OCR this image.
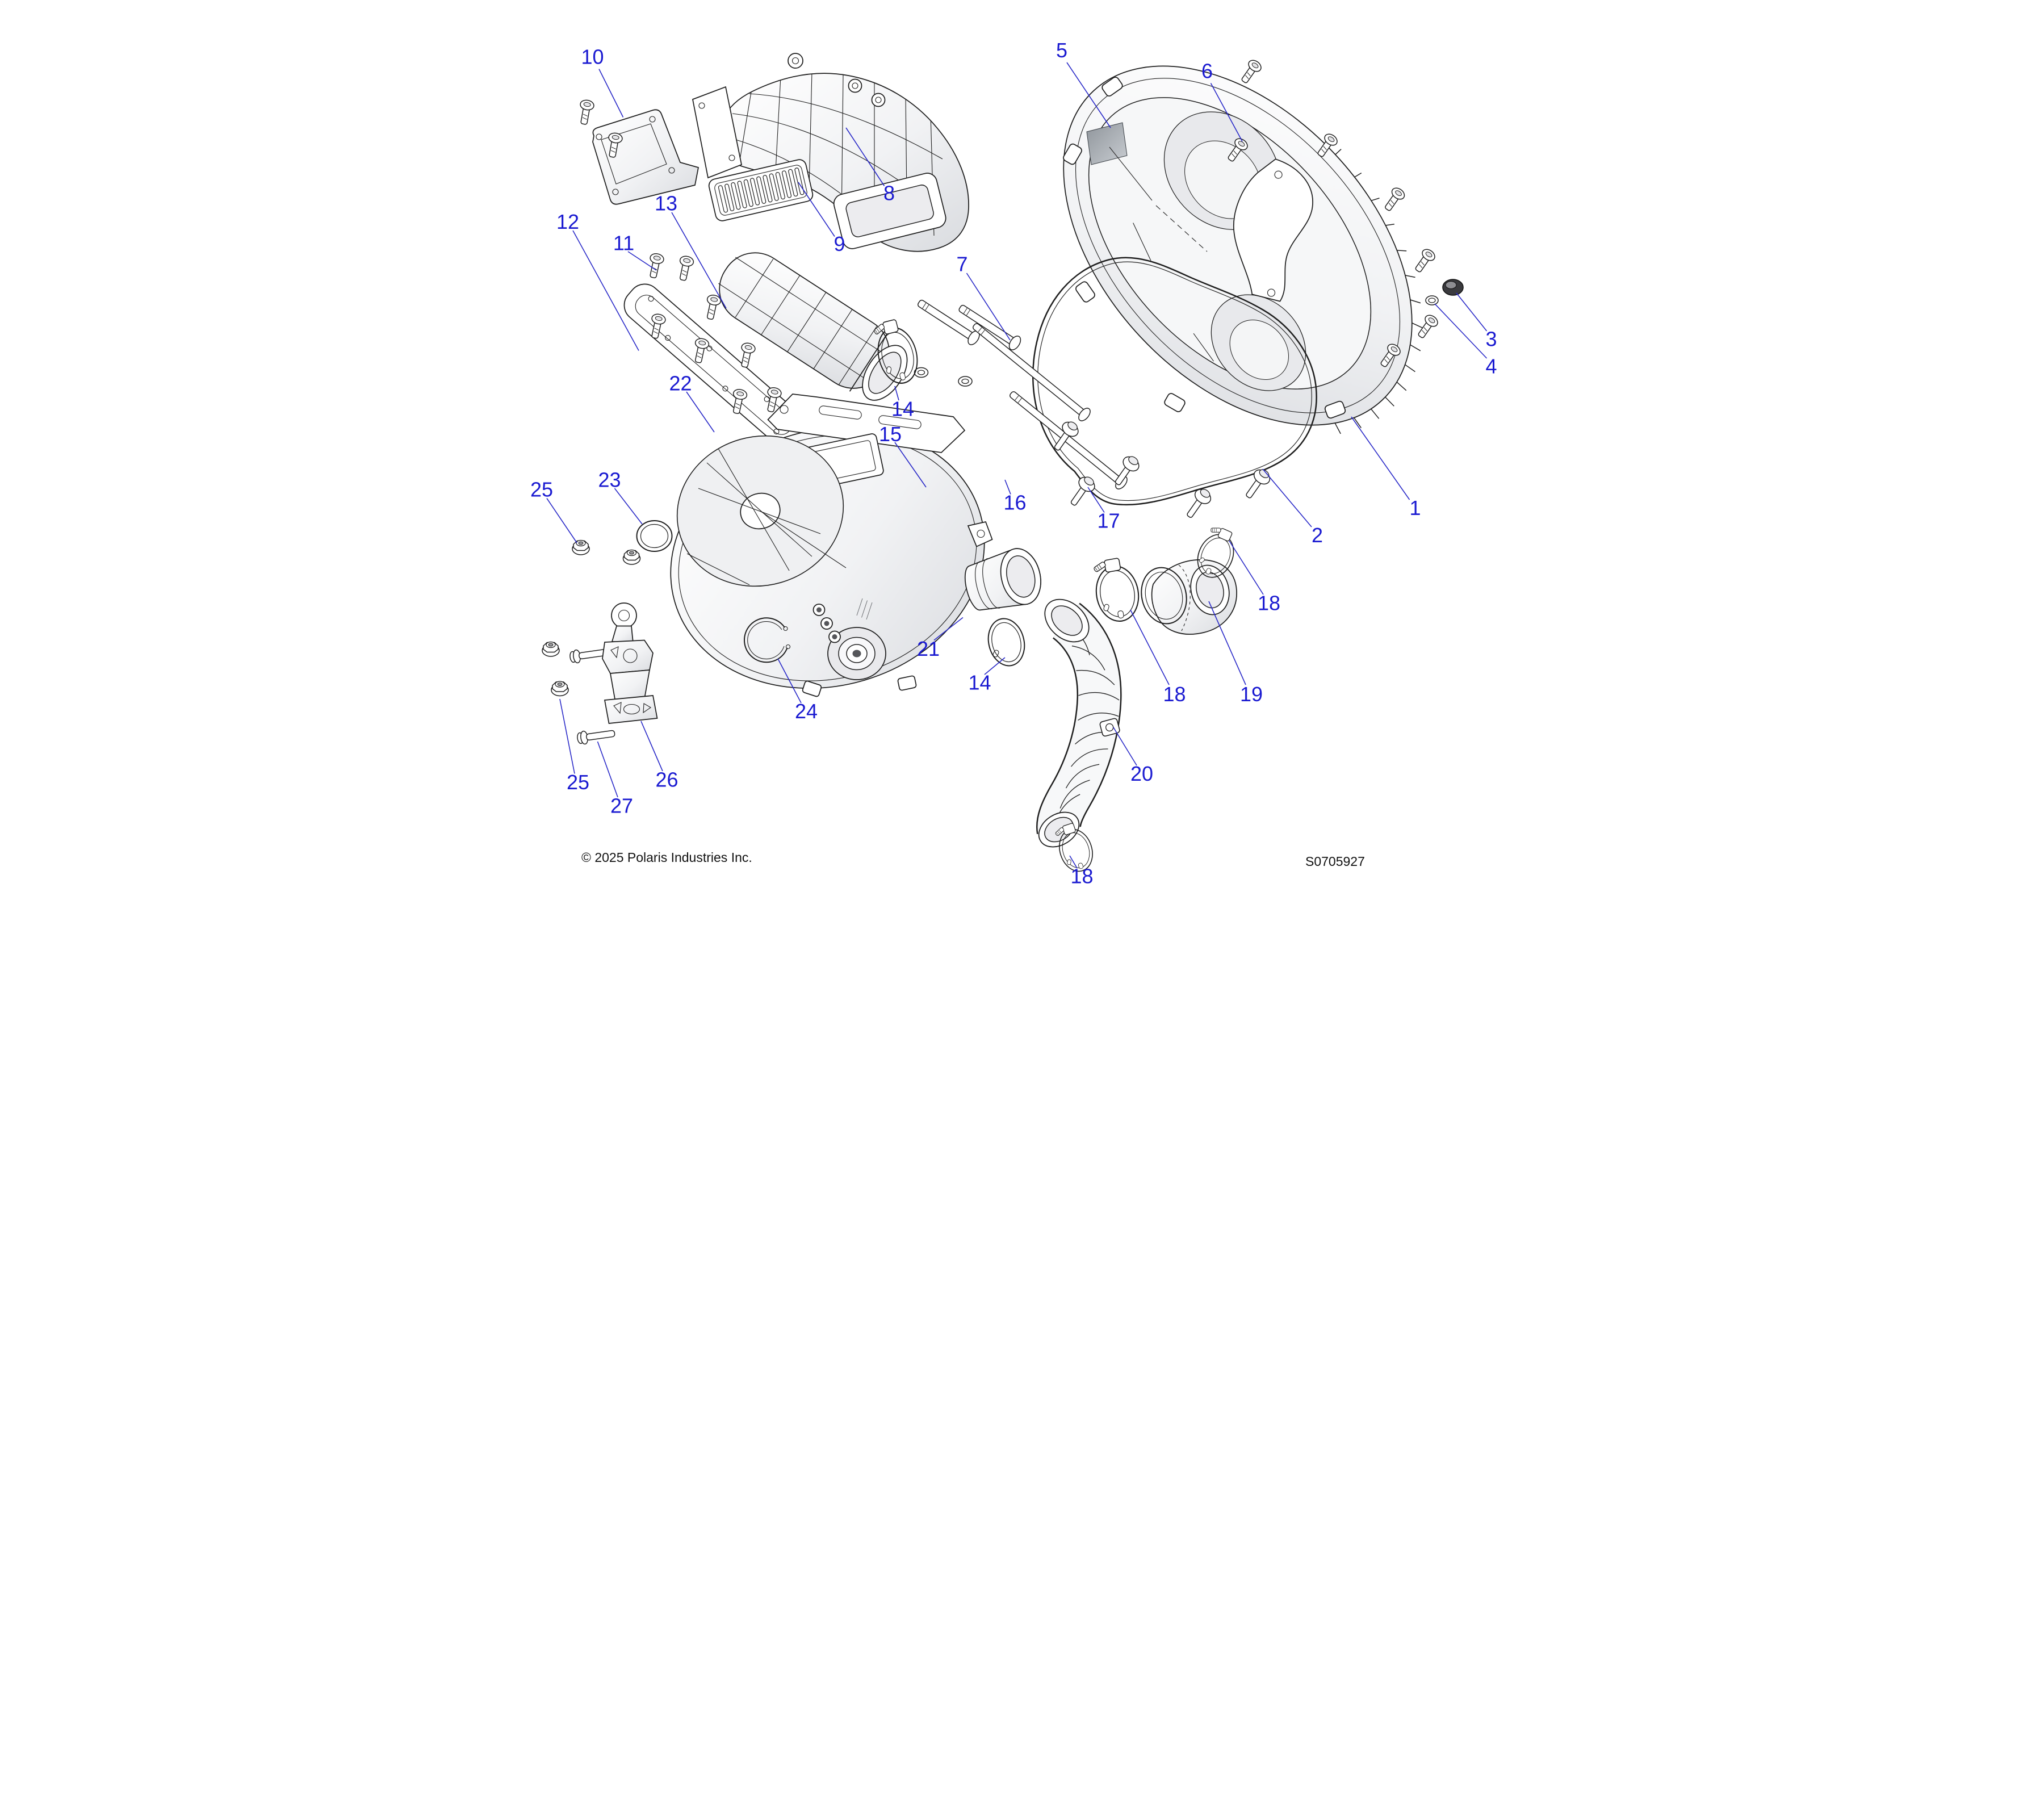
1
2
3
4
5
6
7
8
9
10
11
12
13
14
15
16
17
18
19
20
21
22
23
24
25
14	18
25 26
27
18
© 2025 Polaris Industries Inc.	S0705927
